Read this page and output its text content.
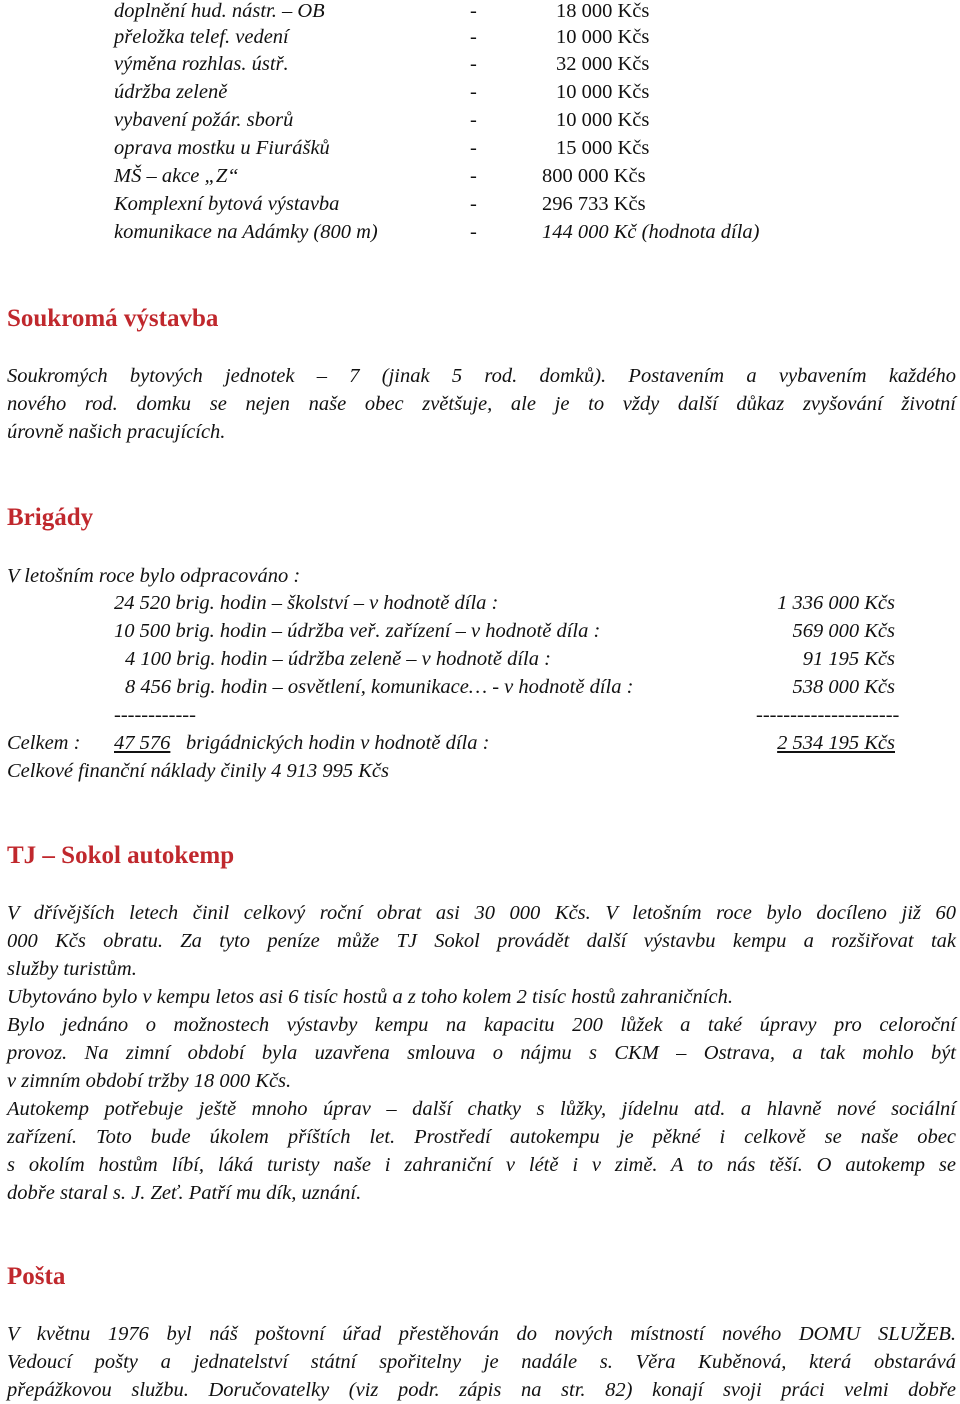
doplnění hud. nástr. – OB	-	18 000 Kčs
přeložka telef. vedení	-	10 000 Kčs
výměna rozhlas. ústř.	-	32 000 Kčs
údržba zeleně	-	10 000 Kčs
vybavení požár. sborů	-	10 000 Kčs
oprava mostku u Fiurášků	-	15 000 Kčs
MŠ – akce „Z“	-	800 000 Kčs
Komplexní bytová výstavba	-	296 733 Kčs
komunikace na Adámky (800 m)	-	144 000 Kč (hodnota díla)
Soukromá výstavba
Soukromých bytových jednotek – 7 (jinak 5 rod. domků). Postavením a vybavením každého
nového rod. domku se nejen naše obec zvětšuje, ale je to vždy další důkaz zvyšování životní
úrovně našich pracujících.
Brigády
V letošním roce bylo odpracováno :
24 520 brig. hodin – školství – v hodnotě díla :	1 336 000 Kčs
10 500 brig. hodin – údržba veř. zařízení – v hodnotě díla :	569 000 Kčs
4 100 brig. hodin – údržba zeleně – v hodnotě díla :	91 195 Kčs
8 456 brig. hodin – osvětlení, komunikace… - v hodnotě díla :	538 000 Kčs
------------	---------------------
Celkem : 47 576 brigádnických hodin v hodnotě díla :	2 534 195 Kčs
Celkové finanční náklady činily 4 913 995 Kčs
TJ – Sokol autokemp
V dřívějších letech činil celkový roční obrat asi 30 000 Kčs. V letošním roce bylo docíleno již 60
000 Kčs obratu. Za tyto peníze může TJ Sokol provádět další výstavbu kempu a rozšiřovat tak
služby turistům.
Ubytováno bylo v kempu letos asi 6 tisíc hostů a z toho kolem 2 tisíc hostů zahraničních.
Bylo jednáno o možnostech výstavby kempu na kapacitu 200 lůžek a také úpravy pro celoroční
provoz. Na zimní období byla uzavřena smlouva o nájmu s CKM – Ostrava, a tak mohlo být
v zimním období tržby 18 000 Kčs.
Autokemp potřebuje ještě mnoho úprav – další chatky s lůžky, jídelnu atd. a hlavně nové sociální
zařízení. Toto bude úkolem příštích let. Prostředí autokempu je pěkné i celkově se naše obec
s okolím hostům líbí, láká turisty naše i zahraniční v létě i v zimě. A to nás těší. O autokemp se
dobře staral s. J. Zeť. Patří mu dík, uznání.
Pošta
V květnu 1976 byl náš poštovní úřad přestěhován do nových místností nového DOMU SLUŽEB.
Vedoucí pošty a jednatelství státní spořitelny je nadále s. Věra Kuběnová, která obstarává
přepážkovou službu. Doručovatelky (viz podr. zápis na str. 82) konají svoji práci velmi dobře
